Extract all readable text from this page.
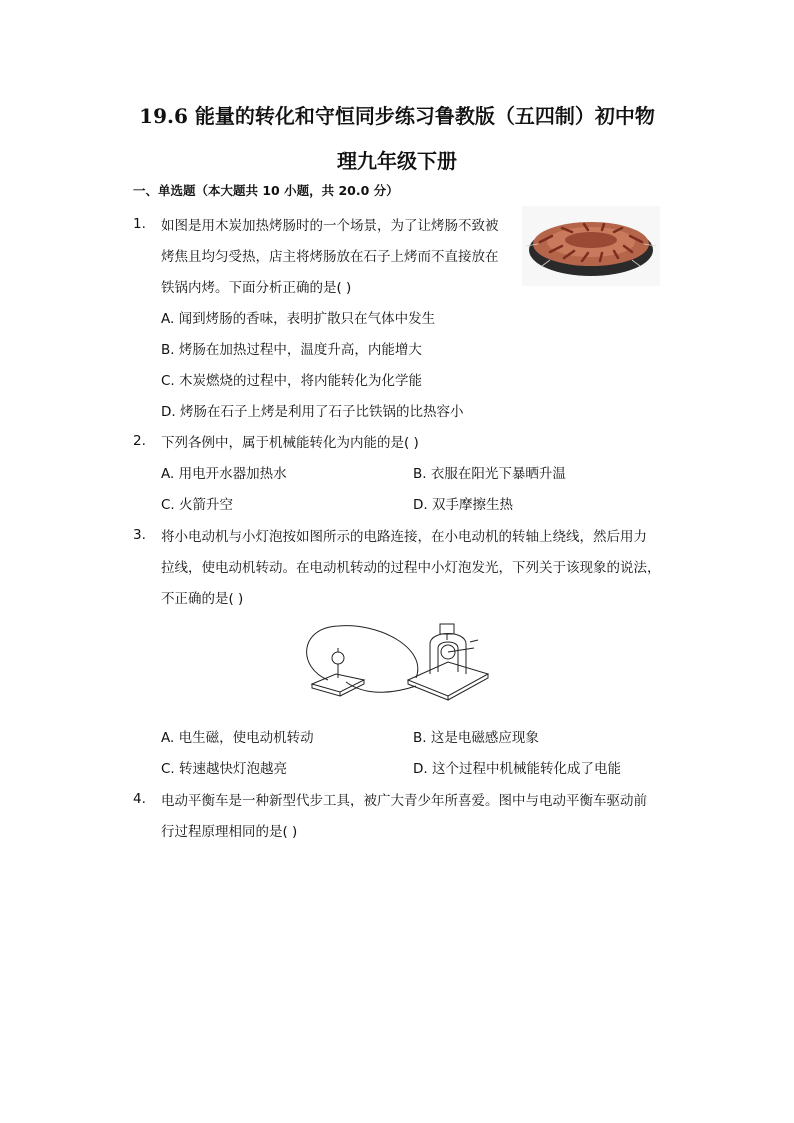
19.6 能量的转化和守恒同步练习鲁教版（五四制）初中物
理九年级下册
一、单选题（本大题共 10 小题，共 20.0 分）
1. 如图是用木炭加热烤肠时的一个场景，为了让烤肠不致被
烤焦且均匀受热，店主将烤肠放在石子上烤而不直接放在
铁锅内烤。下面分析正确的是( )
A. 闻到烤肠的香味，表明扩散只在气体中发生
B. 烤肠在加热过程中，温度升高，内能增大
C. 木炭燃烧的过程中，将内能转化为化学能
D. 烤肠在石子上烤是利用了石子比铁锅的比热容小
2. 下列各例中，属于机械能转化为内能的是( )
A. 用电开水器加热水	B. 衣服在阳光下暴晒升温
C. 火箭升空	D. 双手摩擦生热
3. 将小电动机与小灯泡按如图所示的电路连接，在小电动机的转轴上绕线，然后用力
拉线，使电动机转动。在电动机转动的过程中小灯泡发光，下列关于该现象的说法，
不正确的是( )
A. 电生磁，使电动机转动	B. 这是电磁感应现象
C. 转速越快灯泡越亮	D. 这个过程中机械能转化成了电能
4. 电动平衡车是一种新型代步工具，被广大青少年所喜爱。图中与电动平衡车驱动前
行过程原理相同的是( )
